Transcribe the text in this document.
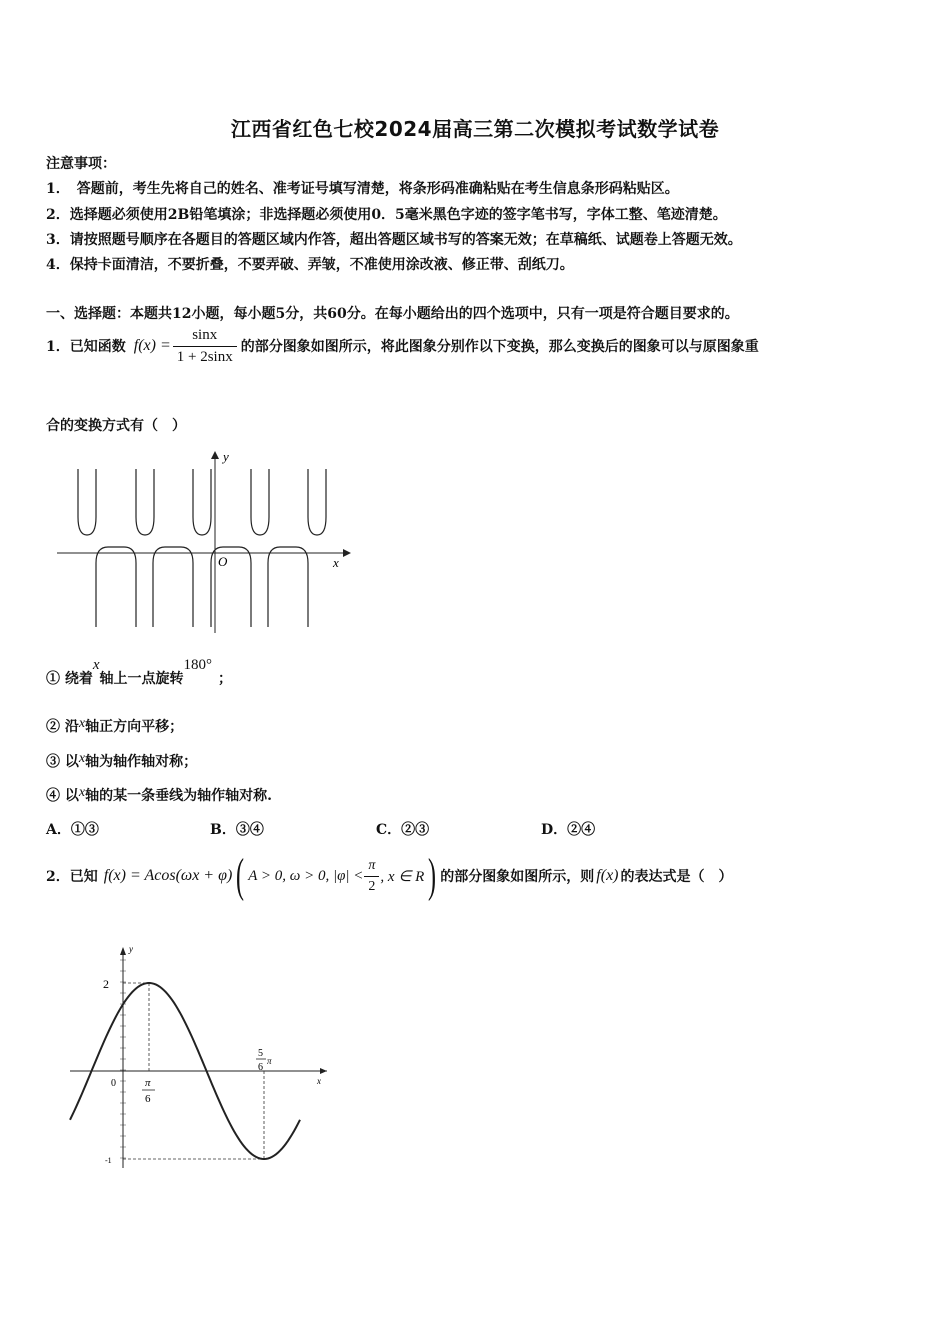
江西省红色七校2024届高三第二次模拟考试数学试卷
注意事项：
1．　答题前，考生先将自己的姓名、准考证号填写清楚，将条形码准确粘贴在考生信息条形码粘贴区。
2．选择题必须使用2B铅笔填涂；非选择题必须使用0．5毫米黑色字迹的签字笔书写，字体工整、笔迹清楚。
3．请按照题号顺序在各题目的答题区域内作答，超出答题区域书写的答案无效；在草稿纸、试题卷上答题无效。
4．保持卡面清洁，不要折叠，不要弄破、弄皱，不准使用涂改液、修正带、刮纸刀。
一、选择题：本题共12小题，每小题5分，共60分。在每小题给出的四个选项中，只有一项是符合题目要求的。
1．已知函数 $f(x) = \frac{\sin x}{1 + 2\sin x}$ 的部分图象如图所示，将此图象分别作以下变换，那么变换后的图象可以与原图象重
合的变换方式有（　）
y
x
O
① 绕着x轴上一点旋转180°；
② 沿x轴正方向平移；
③ 以x轴为轴作轴对称；
④ 以x轴的某一条垂线为轴作轴对称.
A．①③	B．③④	C．②③	D．②④
2．已知 f(x) = Acos(ωx + φ) ( A > 0, ω > 0, $|\varphi| < \frac{\pi}{2}$ , x ∈ R ) 的部分图象如图所示，则 f(x) 的表达式是（　）
y
x
0
2
-1
π
6
5
6
π
